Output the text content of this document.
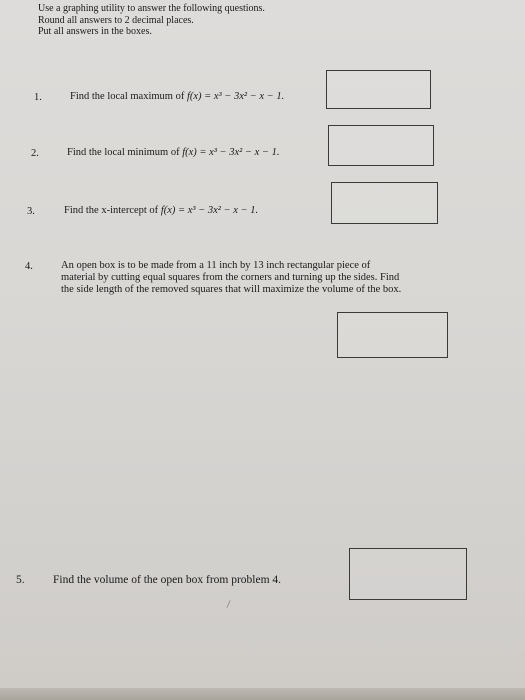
Use a graphing utility to answer the following questions.
Round all answers to 2 decimal places.
Put all answers in the boxes.
1.	Find the local maximum of f(x) = x³ − 3x² − x − 1.
2.	Find the local minimum of f(x) = x³ − 3x² − x − 1.
3.	Find the x-intercept of f(x) = x³ − 3x² − x − 1.
4.	An open box is to be made from a 11 inch by 13 inch rectangular piece of
material by cutting equal squares from the corners and turning up the sides. Find
the side length of the removed squares that will maximize the volume of the box.
5. Find the volume of the open box from problem 4.
